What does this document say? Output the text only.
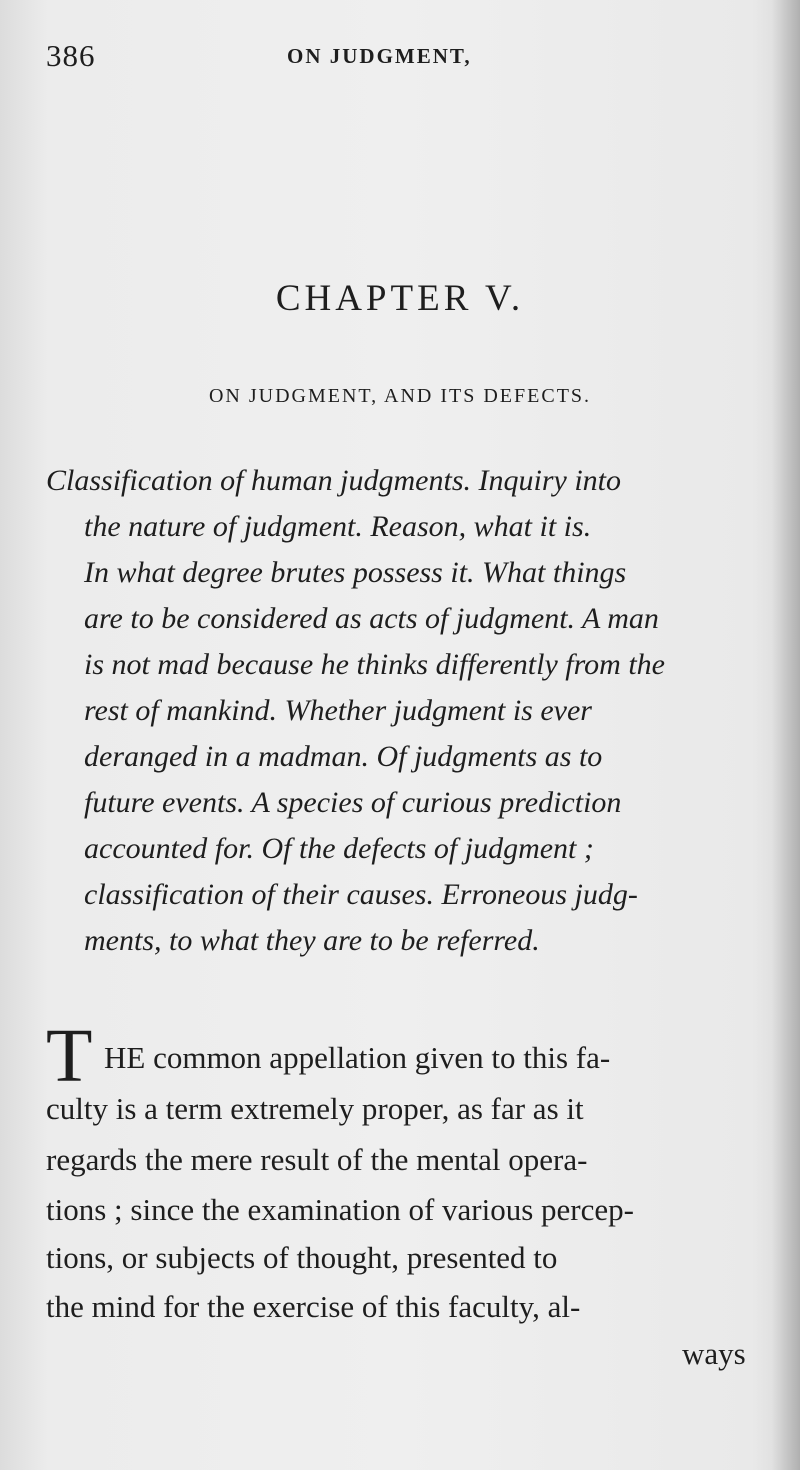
386	ON JUDGMENT,
CHAPTER V.
ON JUDGMENT, AND ITS DEFECTS.
Classification of human judgments. Inquiry into
the nature of judgment. Reason, what it is.
In what degree brutes possess it. What things
are to be considered as acts of judgment. A man
is not mad because he thinks differently from the
rest of mankind. Whether judgment is ever
deranged in a madman. Of judgments as to
future events. A species of curious prediction
accounted for. Of the defects of judgment ;
classification of their causes. Erroneous judg-
ments, to what they are to be referred.
T HE common appellation given to this fa-
culty is a term extremely proper, as far as it
regards the mere result of the mental opera-
tions ; since the examination of various percep-
tions, or subjects of thought, presented to
the mind for the exercise of this faculty, al-
ways
